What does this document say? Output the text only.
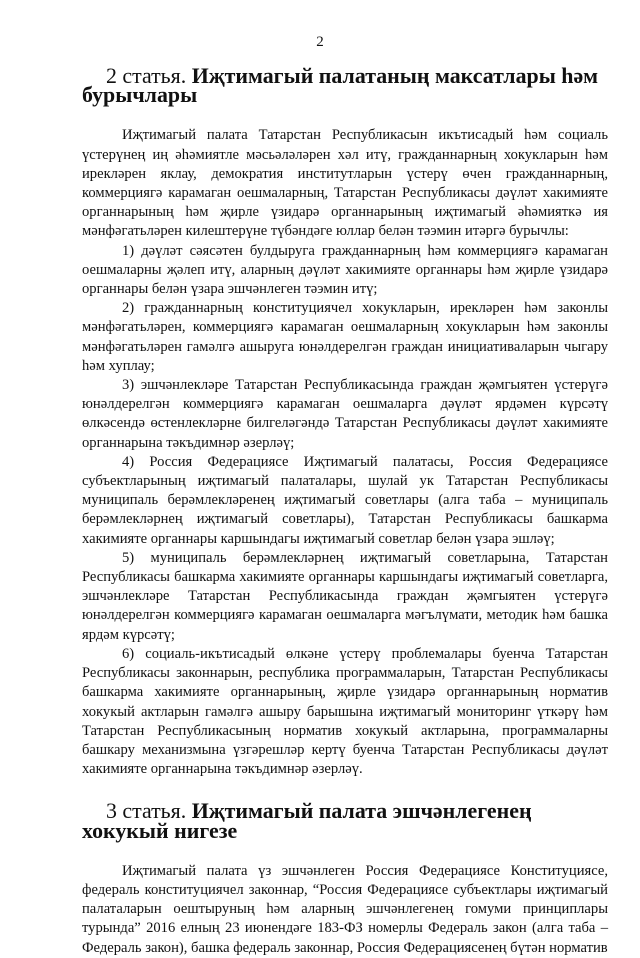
2
2 статья. Иҗтимагый палатаның максатлары һәм бурычлары

Иҗтимагый палата Татарстан Республикасын икътисадый һәм социаль үстерүнең иң әһәмиятле мәсьәләләрен хәл итү, гражданнарның хокукларын һәм ирекләрен яклау, демократия институтларын үстерү өчен гражданнарның, коммерциягә карамаган оешмаларның, Татарстан Республикасы дәүләт хакимияте органнарының һәм җирле үзидарә органнарының иҗтимагый әһәмияткә ия мәнфәгатьләрен килештерүне түбәндәге юллар белән тәэмин итәргә бурычлы:

1) дәүләт сәясәтен булдыруга гражданнарның һәм коммерциягә карамаган оешмаларны җәлеп итү, аларның дәүләт хакимияте органнары һәм җирле үзидарә органнары белән үзара эшчәнлеген тәэмин итү;

2) гражданнарның конституциячел хокукларын, ирекләрен һәм законлы мәнфәгатьләрен, коммерциягә карамаган оешмаларның хокукларын һәм законлы мәнфәгатьләрен гамәлгә ашыруга юнәлдерелгән граждан инициативаларын чыгару һәм хуплау;

3) эшчәнлекләре Татарстан Республикасында граждан җәмгыятен үстерүгә юнәлдерелгән коммерциягә карамаган оешмаларга дәүләт ярдәмен күрсәтү өлкәсендә өстенлекләрне билгеләгәндә Татарстан Республикасы дәүләт хакимияте органнарына тәкъдимнәр әзерләү;

4) Россия Федерациясе Иҗтимагый палатасы, Россия Федерациясе субъектларының иҗтимагый палаталары, шулай ук Татарстан Республикасы муниципаль берәмлекләренең иҗтимагый советлары (алга таба – муниципаль берәмлекләрнең иҗтимагый советлары), Татарстан Республикасы башкарма хакимияте органнары каршындагы иҗтимагый советлар белән үзара эшләү;

5) муниципаль берәмлекләрнең иҗтимагый советларына, Татарстан Республикасы башкарма хакимияте органнары каршындагы иҗтимагый советларга, эшчәнлекләре Татарстан Республикасында граждан җәмгыятен үстерүгә юнәлдерелгән коммерциягә карамаган оешмаларга мәгълүмати, методик һәм башка ярдәм күрсәтү;

6) социаль-икътисадый өлкәне үстерү проблемалары буенча Татарстан Республикасы законнарын, республика программаларын, Татарстан Республикасы башкарма хакимияте органнарының, җирле үзидарә органнарының норматив хокукый актларын гамәлгә ашыру барышына иҗтимагый мониторинг үткәрү һәм Татарстан Республикасының норматив хокукый актларына, программаларны башкару механизмына үзгәрешләр кертү буенча Татарстан Республикасы дәүләт хакимияте органнарына тәкъдимнәр әзерләү.

3 статья. Иҗтимагый палата эшчәнлегенең хокукый нигезе

Иҗтимагый палата үз эшчәнлеген Россия Федерациясе Конституциясе, федераль конституциячел законнар, “Россия Федерациясе субъектлары иҗтимагый палаталарын оештыруның һәм аларның эшчәнлегенең гомуми принциплары турында” 2016 елның 23 июнендәге 183-ФЗ номерлы Федераль закон (алга таба – Федераль закон), башка федераль законнар, Россия Федерациясенең бүтән норматив
